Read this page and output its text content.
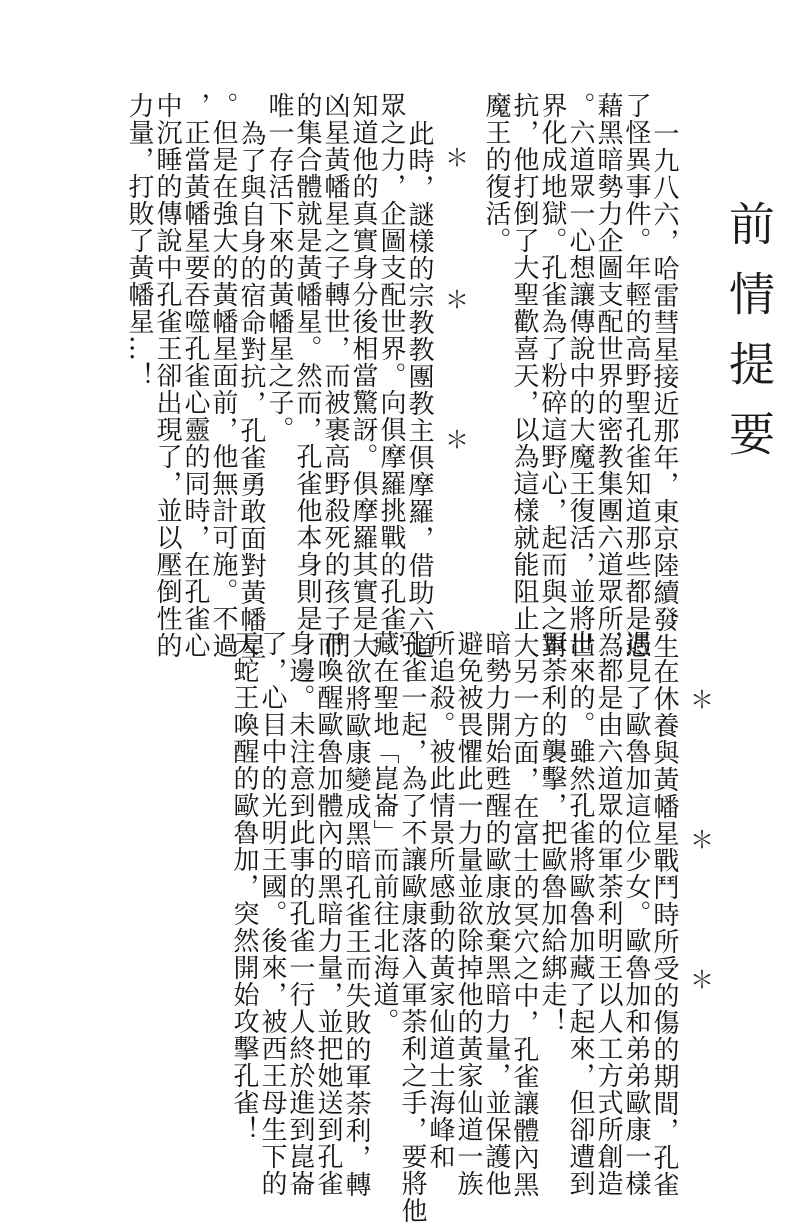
前情提要
一九八六，哈雷彗星接近那年，東京陸續發生
了怪異事件。年輕的高野聖孔雀知道那些都是憑
藉黑暗勢力企圖支配世界的密教集團六道眾所為
。六道眾一心想讓傳說中的大魔王復活，並將世
界化成地獄。孔雀為了粉碎這野心，起而與之對
抗，他打倒了大聖歡喜天，以為這樣就能阻止大
魔王的復活。
＊
＊
＊
此時，謎樣的宗教教團教主俱摩羅，借助六道
眾之力，企圖支配世界。向俱摩羅挑戰的孔雀，
知道他的真實身分後相當驚訝。俱摩羅其實是大
凶星黃幡星之子轉世，而被裹高野殺死的孩子們
的集合體就是黃幡星。然而，孔雀他本身則是
唯一存活下來的黃幡星之子。
為了與自身的宿命對抗，孔雀勇敢面對黃幡星
。但是在強大的黃幡星面前，他無計可施。不過
，正當黃幡星要吞噬孔雀心靈的同時，在孔雀心
中沉睡的傳說中孔雀王卻出現了，並以壓倒性的
力量，打敗了黃幡星…！
＊
＊
＊
在休養與黃幡星戰鬥時所受的傷的期間，孔雀
遇見了歐魯加這位少女。歐魯加和弟弟歐康一樣
，都是由六道眾的軍荼利明王以人工方式所創造
出來的。雖然孔雀將歐魯加藏了起來，但卻遭到
軍荼利的襲擊，把歐魯加給綁走！
另一方面，在富士的冥穴之中，孔雀讓體內黑
暗勢力開始甦醒的歐康放棄黑暗力量，並保護他
避免被畏懼此一力量並欲除掉他的黃家仙道一族
所追殺。被此情景所感動的黃家仙道士海峰和
孔雀一起，為了不讓歐康落入軍荼利之手，要將他
藏在聖地「崑崙」而前往北海道。
欲將歐康變成黑暗孔雀王而失敗的軍荼利，轉
而喚醒歐魯加體內的黑暗力量，並把她送到孔雀
身邊。未注意到此事的孔雀一行人終於進到崑崙
了，心目中的光明王國。後來，被西王母生下的
天蛇王喚醒的歐魯加，突然開始攻擊孔雀！
